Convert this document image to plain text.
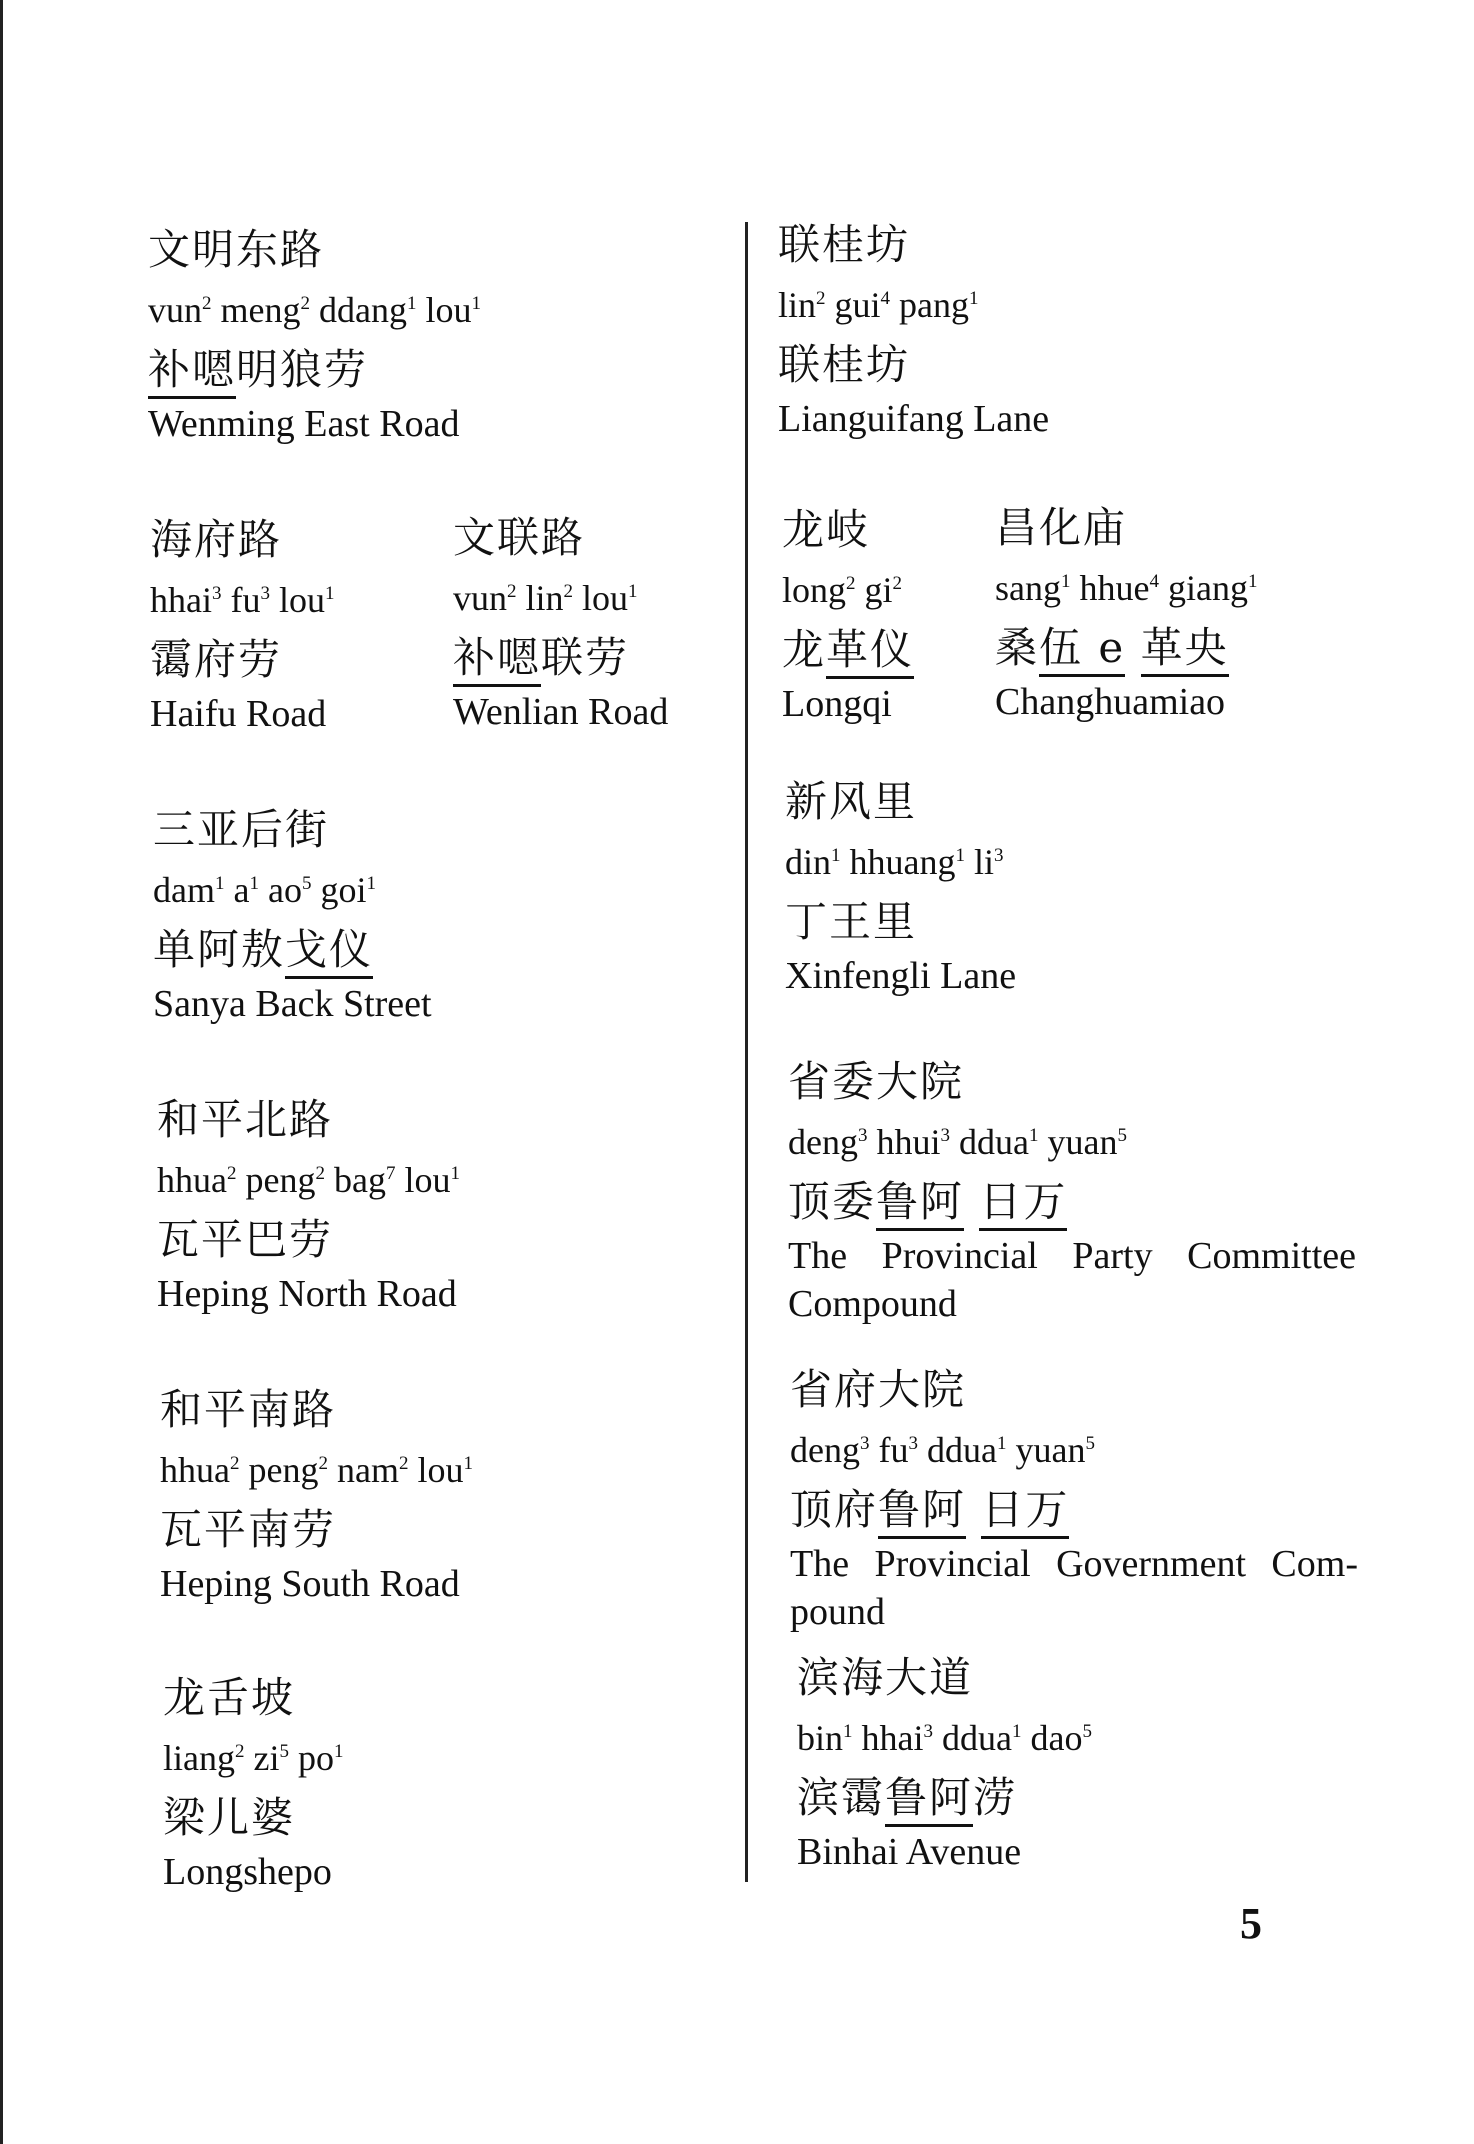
文明东路
vun$^2$ meng$^2$ ddang$^1$ lou$^1$
补嗯明狼劳
Wenming East Road
海府路
hhai$^3$ $fu^3$ lou$^1$
霭府劳
Haifu Road
文联路
vun$^2$ lin$^2$ lou$^1$
补嗯联劳
Wenlian Road
三亚后街
dam$^1$ $a^1$ $ao^5$ goi$^1$
单阿敖戈仪
Sanya Back Street
和平北路
hhua$^2$ peng$^2$ bag$^7$ lou$^1$
瓦平巴劳
Heping North Road
和平南路
hhua$^2$ peng$^2$ nam$^2$ lou$^1$
瓦平南劳
Heping South Road
龙舌坡
liang$^2$ $zi^5$ $po^1$
梁儿婆
Longshepo
联桂坊
lin$^2$ gui$^4$ pang$^1$
联桂坊
Lianguifang Lane
龙岐
long$^2$ $gi^2$
龙革仪
Longqi
昌化庙
sang$^1$ hhue$^4$ giang$^1$
桑伍 e 革央
Changhuamiao
新风里
din$^1$ hhuang$^1$ $li^3$
丁王里
Xinfengli Lane
省委大院
deng$^3$ hhui$^3$ ddua$^1$ yuan$^5$
顶委鲁阿 日万
The Provincial Party Committee Compound
省府大院
deng$^3$ $fu^3$ ddua$^1$ yuan$^5$
顶府鲁阿 日万
The Provincial Government Com-pound
滨海大道
bin$^1$ hhai$^3$ ddua$^1$ dao$^5$
滨霭鲁阿涝
Binhai Avenue
5
